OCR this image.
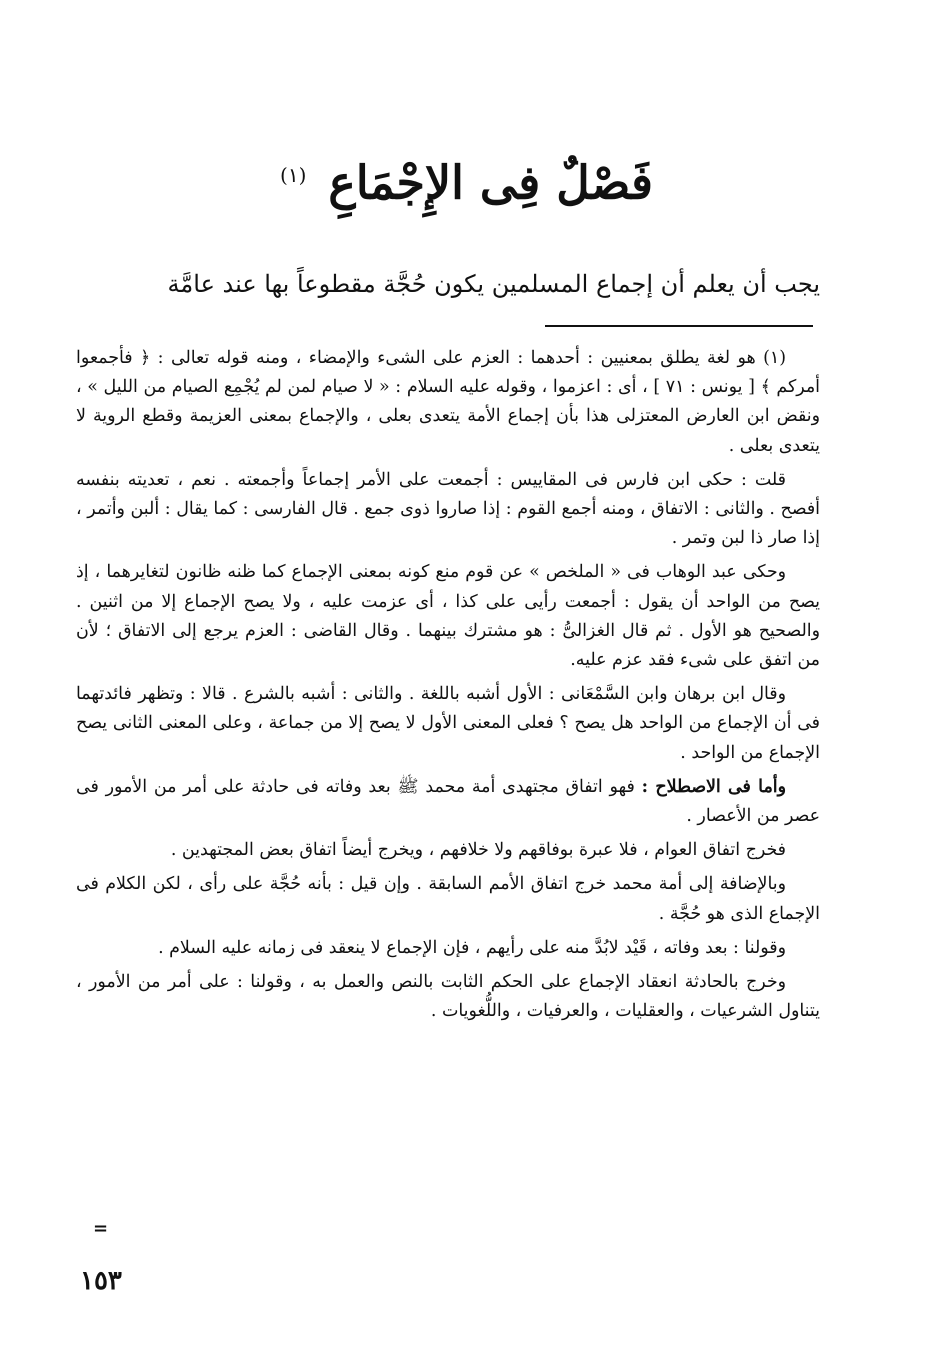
فَصْلٌ فِى الإِجْمَاعِ $^{(١)}$
يجب أن يعلم أن إجماع المسلمين يكون حُجَّة مقطوعاً بها عند عامَّة

(١) هو لغة يطلق بمعنيين : أحدهما : العزم على الشىء والإمضاء ، ومنه قوله تعالى : ﴿ فأجمعوا أمركم ﴾ [ يونس : ٧١ ] ، أى : اعزموا ، وقوله عليه السلام : « لا صيام لمن لم يُجْمِع الصيام من الليل » ، ونقض ابن العارض المعتزلى هذا بأن إجماع الأمة يتعدى بعلى ، والإجماع بمعنى العزيمة وقطع الروية لا يتعدى بعلى .

قلت : حكى ابن فارس فى المقاييس : أجمعت على الأمر إجماعاً وأجمعته . نعم ، تعديته بنفسه أفصح . والثانى : الاتفاق ، ومنه أجمع القوم : إذا صاروا ذوى جمع . قال الفارسى : كما يقال : ألبن وأتمر ، إذا صار ذا لبن وتمر .

وحكى عبد الوهاب فى « الملخص » عن قوم منع كونه بمعنى الإجماع كما ظنه ظانون لتغايرهما ، إذ يصح من الواحد أن يقول : أجمعت رأيى على كذا ، أى عزمت عليه ، ولا يصح الإجماع إلا من اثنين . والصحيح هو الأول . ثم قال الغزالىُّ : هو مشترك بينهما . وقال القاضى : العزم يرجع إلى الاتفاق ؛ لأن من اتفق على شىء فقد عزم عليه.

وقال ابن برهان وابن السَّمْعَانى : الأول أشبه باللغة . والثانى : أشبه بالشرع . قالا : وتظهر فائدتهما فى أن الإجماع من الواحد هل يصح ؟ فعلى المعنى الأول لا يصح إلا من جماعة ، وعلى المعنى الثانى يصح الإجماع من الواحد .

وأما فى الاصطلاح : فهو اتفاق مجتهدى أمة محمد ﷺ بعد وفاته فى حادثة على أمر من الأمور فى عصر من الأعصار .

فخرج اتفاق العوام ، فلا عبرة بوفاقهم ولا خلافهم ، ويخرج أيضاً اتفاق بعض المجتهدين .

وبالإضافة إلى أمة محمد خرج اتفاق الأمم السابقة . وإن قيل : بأنه حُجَّة على رأى ، لكن الكلام فى الإجماع الذى هو حُجَّة .

وقولنا : بعد وفاته ، قَيْد لابُدَّ منه على رأيهم ، فإن الإجماع لا ينعقد فى زمانه عليه السلام .

وخرج بالحادثة انعقاد الإجماع على الحكم الثابت بالنص والعمل به ، وقولنا : على أمر من الأمور ، يتناول الشرعيات ، والعقليات ، والعرفيات ، واللُّغويات .

=
١٥٣
